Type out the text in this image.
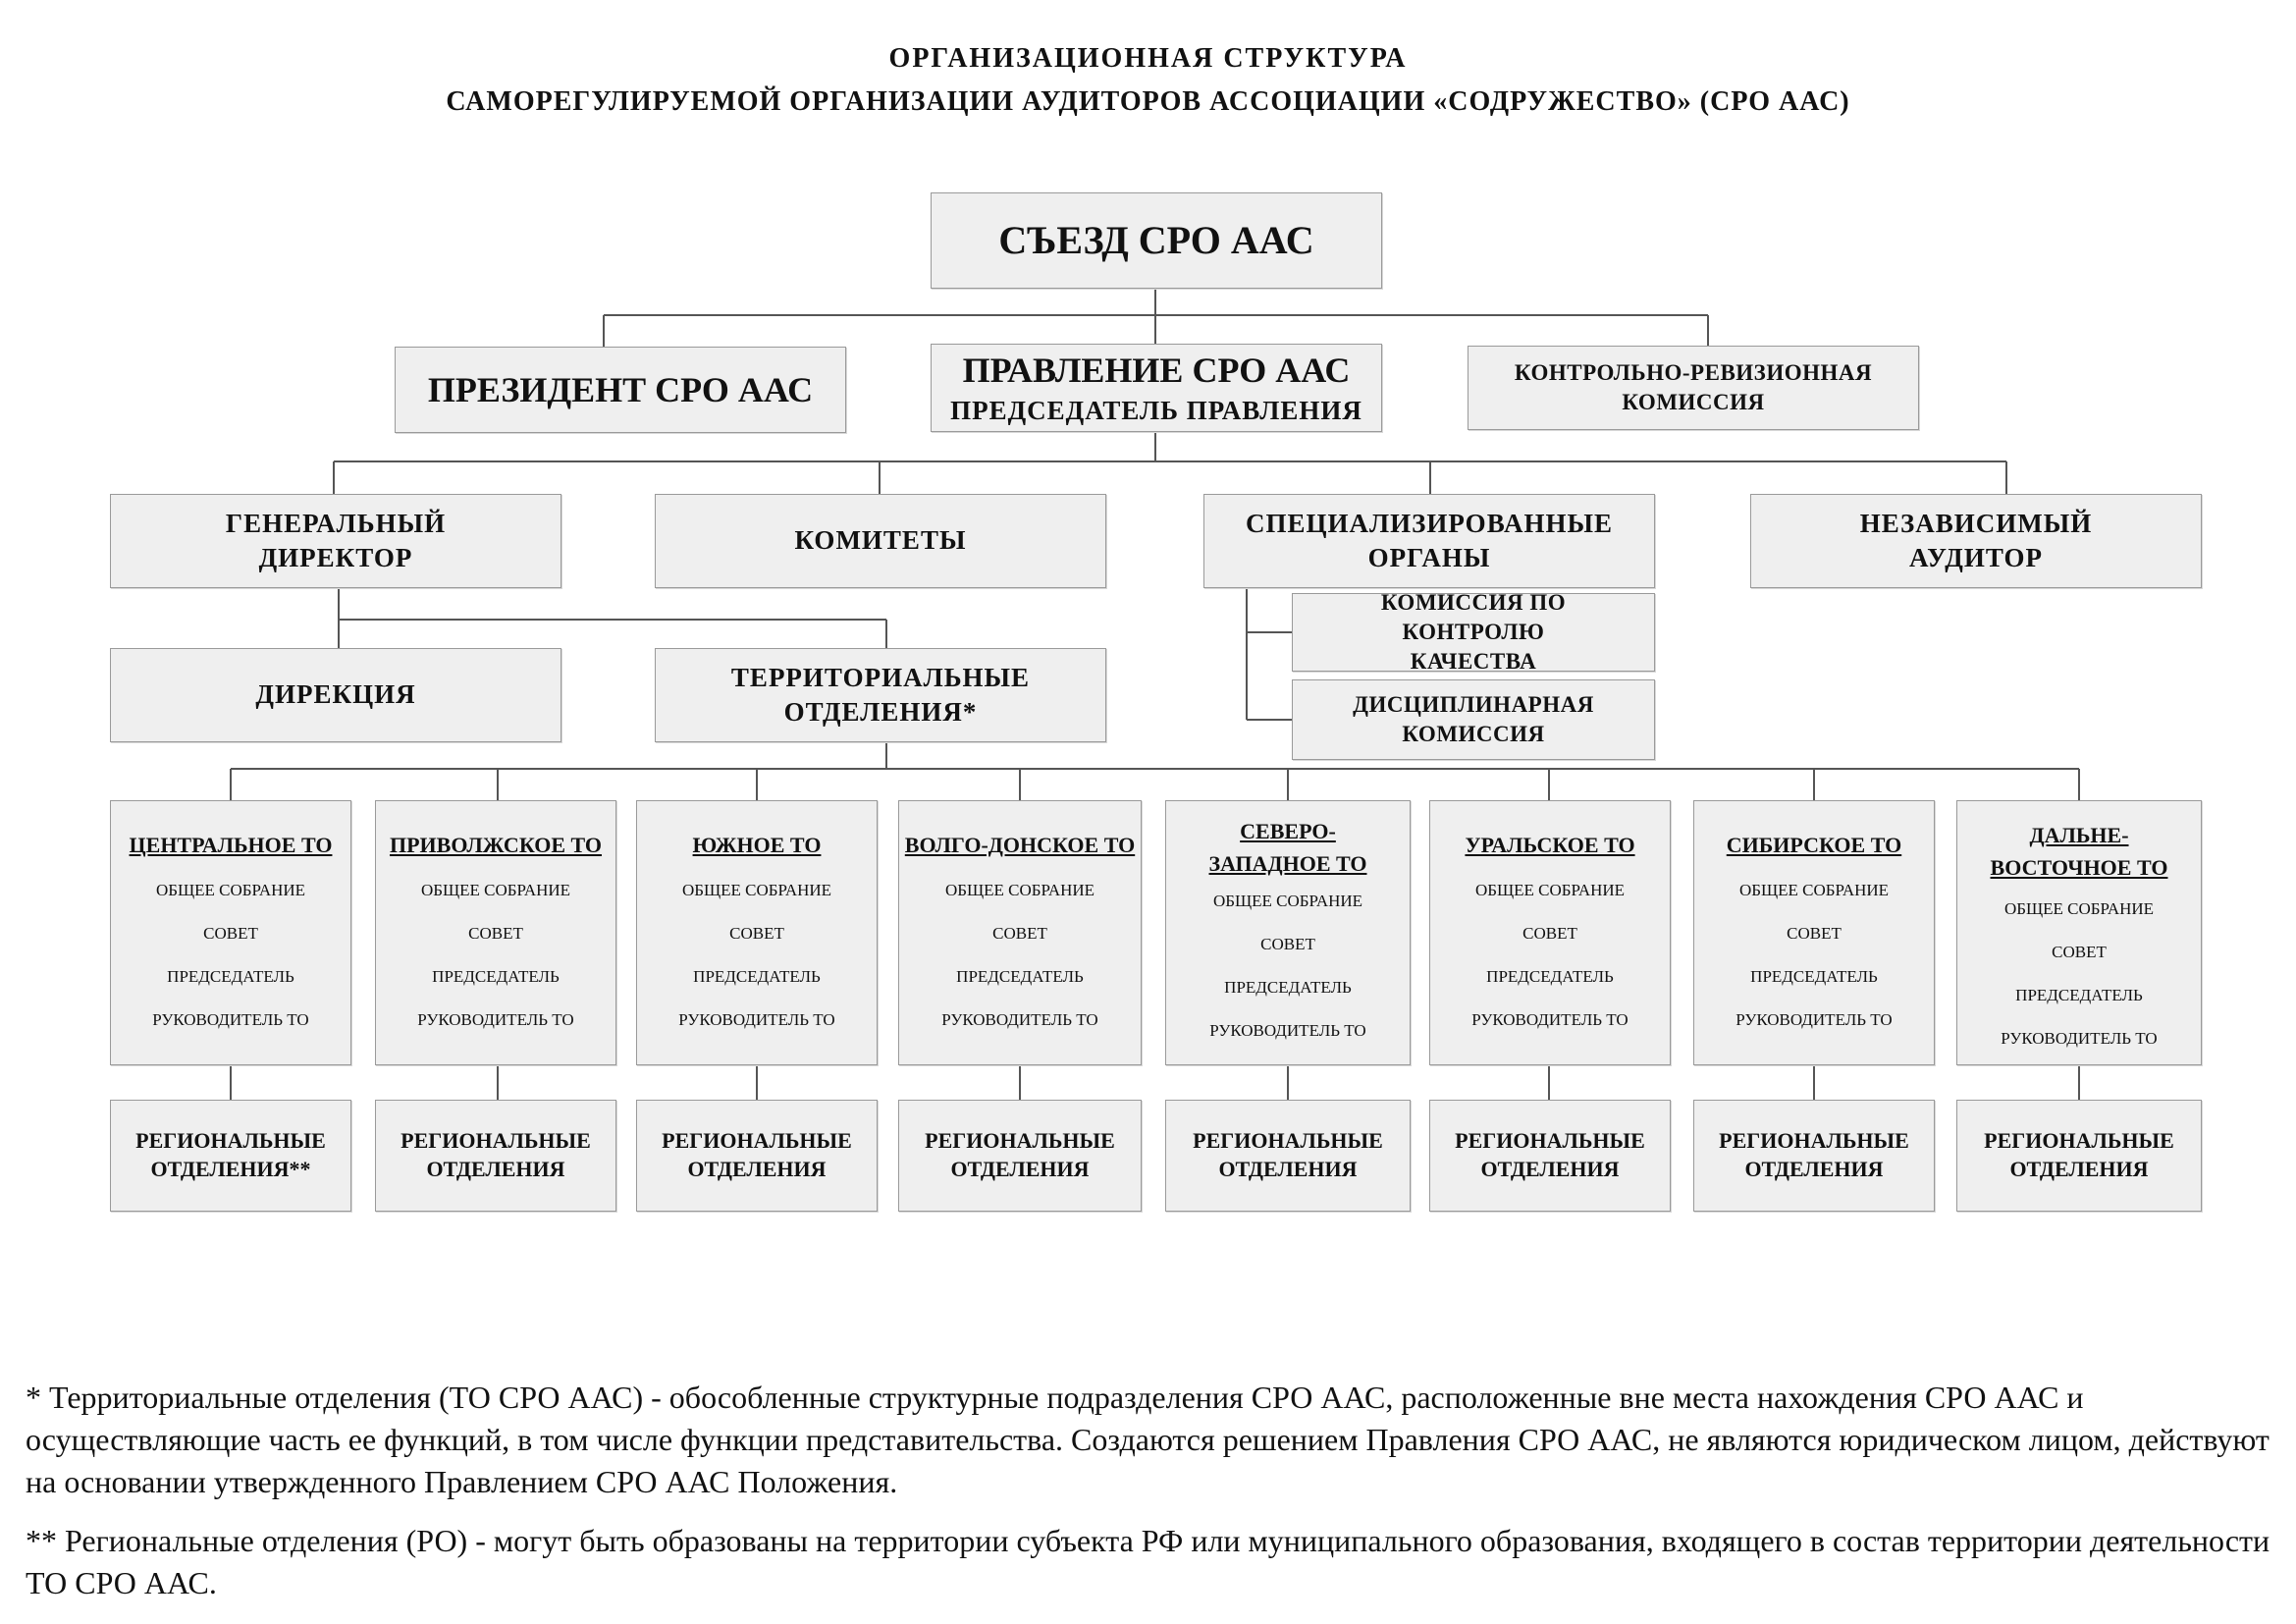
ОРГАНИЗАЦИОННАЯ СТРУКТУРА
САМОРЕГУЛИРУЕМОЙ ОРГАНИЗАЦИИ АУДИТОРОВ АССОЦИАЦИИ «СОДРУЖЕСТВО» (СРО ААС)
СЪЕЗД СРО ААС
ПРЕЗИДЕНТ СРО ААС	ПРАВЛЕНИЕ СРО ААС
ПРЕДСЕДАТЕЛЬ ПРАВЛЕНИЯ
КОНТРОЛЬНО-РЕВИЗИОННАЯ КОМИССИЯ
ГЕНЕРАЛЬНЫЙ ДИРЕКТОР
КОМИТЕТЫ
СПЕЦИАЛИЗИРОВАННЫЕ ОРГАНЫ
НЕЗАВИСИМЫЙ АУДИТОР
ДИРЕКЦИЯ
ТЕРРИТОРИАЛЬНЫЕ ОТДЕЛЕНИЯ*
КОМИССИЯ ПО КОНТРОЛЮ КАЧЕСТВА
ДИСЦИПЛИНАРНАЯ КОМИССИЯ
ЦЕНТРАЛЬНОЕ ТО
ОБЩЕЕ СОБРАНИЕ
СОВЕТ
ПРЕДСЕДАТЕЛЬ
РУКОВОДИТЕЛЬ ТО
ПРИВОЛЖСКОЕ ТО
ОБЩЕЕ СОБРАНИЕ
СОВЕТ
ПРЕДСЕДАТЕЛЬ
РУКОВОДИТЕЛЬ ТО
ЮЖНОЕ ТО
ОБЩЕЕ СОБРАНИЕ
СОВЕТ
ПРЕДСЕДАТЕЛЬ
РУКОВОДИТЕЛЬ ТО
ВОЛГО-ДОНСКОЕ ТО
ОБЩЕЕ СОБРАНИЕ
СОВЕТ
ПРЕДСЕДАТЕЛЬ
РУКОВОДИТЕЛЬ ТО
СЕВЕРО-ЗАПАДНОЕ ТО
ОБЩЕЕ СОБРАНИЕ
СОВЕТ
ПРЕДСЕДАТЕЛЬ
РУКОВОДИТЕЛЬ ТО
УРАЛЬСКОЕ ТО
ОБЩЕЕ СОБРАНИЕ
СОВЕТ
ПРЕДСЕДАТЕЛЬ
РУКОВОДИТЕЛЬ ТО
СИБИРСКОЕ ТО
ОБЩЕЕ СОБРАНИЕ
СОВЕТ
ПРЕДСЕДАТЕЛЬ
РУКОВОДИТЕЛЬ ТО
ДАЛЬНЕ-ВОСТОЧНОЕ ТО
ОБЩЕЕ СОБРАНИЕ
СОВЕТ
ПРЕДСЕДАТЕЛЬ
РУКОВОДИТЕЛЬ ТО
РЕГИОНАЛЬНЫЕ ОТДЕЛЕНИЯ**
РЕГИОНАЛЬНЫЕ ОТДЕЛЕНИЯ
РЕГИОНАЛЬНЫЕ ОТДЕЛЕНИЯ
РЕГИОНАЛЬНЫЕ ОТДЕЛЕНИЯ
РЕГИОНАЛЬНЫЕ ОТДЕЛЕНИЯ
РЕГИОНАЛЬНЫЕ ОТДЕЛЕНИЯ
РЕГИОНАЛЬНЫЕ ОТДЕЛЕНИЯ
РЕГИОНАЛЬНЫЕ ОТДЕЛЕНИЯ

* Территориальные отделения (ТО СРО ААС) - обособленные структурные подразделения СРО ААС, расположенные вне места нахождения СРО ААС и осуществляющие часть ее функций, в том числе функции представительства. Создаются решением Правления СРО ААС, не являются юридическом лицом, действуют на основании утвержденного Правлением СРО ААС Положения.

** Региональные отделения (РО) - могут быть образованы на территории субъекта РФ или муниципального образования, входящего в состав территории деятельности ТО СРО ААС.
